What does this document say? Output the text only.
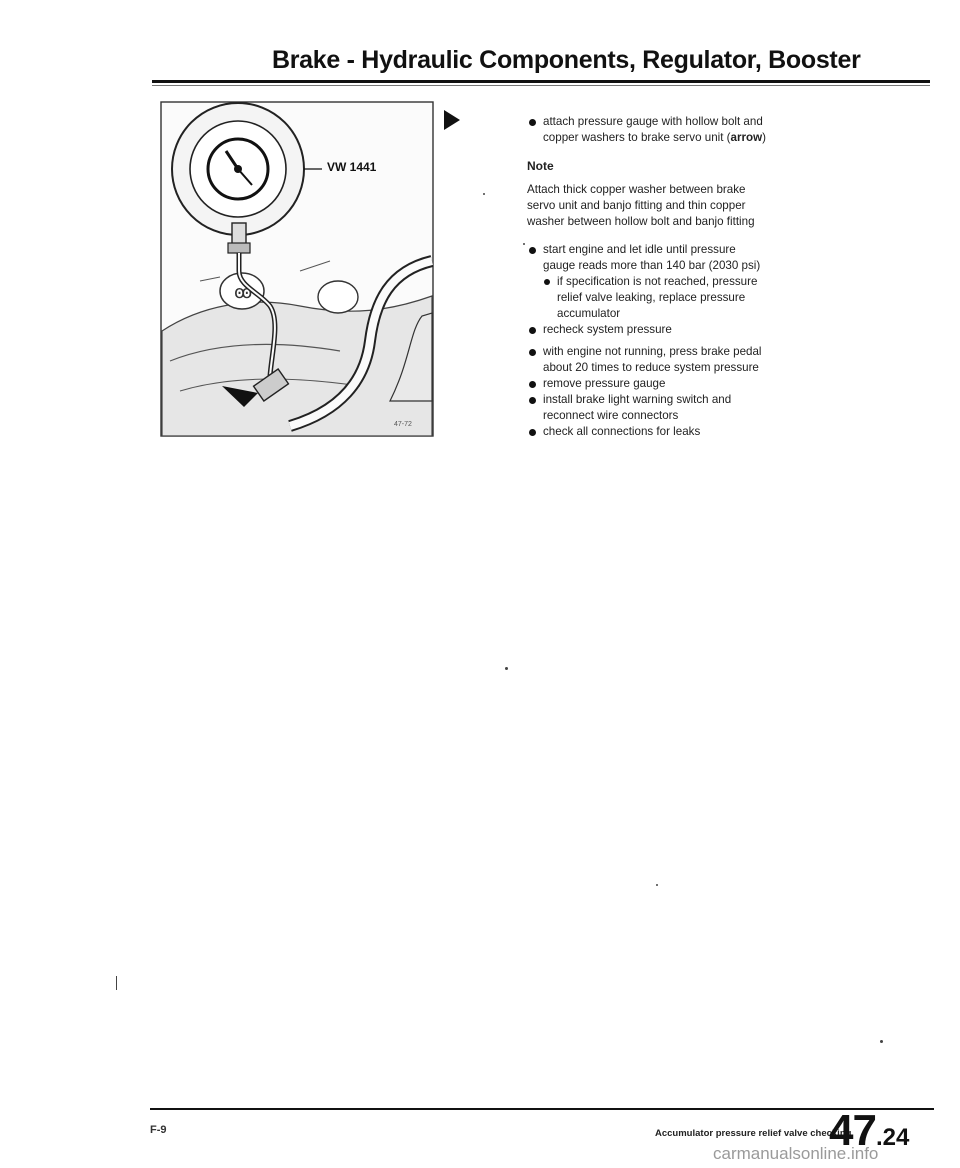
Brake - Hydraulic Components, Regulator, Booster
ꙭ
VW 1441
47-72
attach pressure gauge with hollow bolt and
copper washers to brake servo unit (arrow)
Note
Attach thick copper washer between brake
servo unit and banjo fitting and thin copper
washer between hollow bolt and banjo fitting
start engine and let idle until pressure
gauge reads more than 140 bar (2030 psi)
if specification is not reached, pressure
relief valve leaking, replace pressure
accumulator
recheck system pressure
with engine not running, press brake pedal
about 20 times to reduce system pressure
remove pressure gauge
install brake light warning switch and
reconnect wire connectors
check all connections for leaks
F-9	Accumulator pressure relief valve checking
47.24
carmanualsonline.info
